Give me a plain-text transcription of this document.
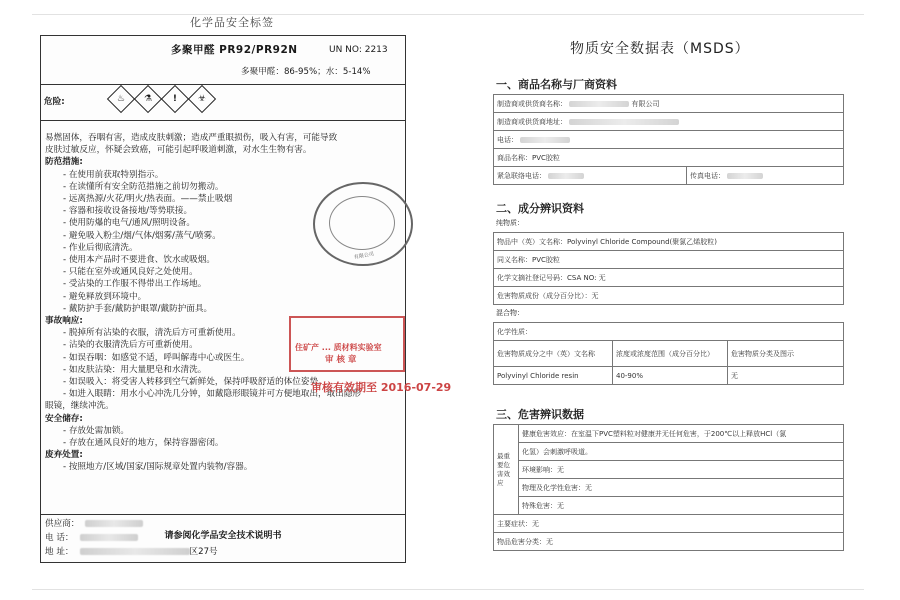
化学品安全标签
多聚甲醛 PR92/PR92N	UN NO: 2213
多聚甲醛：86-95%；水：5-14%
危险:	♨ ⚗ ! ☣
易燃固体，吞咽有害，造成皮肤刺激；造成严重眼损伤，吸入有害，可能导致
皮肤过敏反应，怀疑会致癌，可能引起呼吸道刺激，对水生生物有害。
防范措施:
- 在使用前获取特别指示。
- 在读懂所有安全防范措施之前切勿搬动。
- 远离热源/火花/明火/热表面。——禁止吸烟
- 容器和接收设备接地/等势联接。
- 使用防爆的电气/通风/照明设备。
- 避免吸入粉尘/烟/气体/烟雾/蒸气/喷雾。
- 作业后彻底清洗。
- 使用本产品时不要进食、饮水或吸烟。
- 只能在室外或通风良好之处使用。
- 受沾染的工作服不得带出工作场地。
- 避免释放到环境中。
- 戴防护手套/戴防护眼罩/戴防护面具。
事故响应:
- 脱掉所有沾染的衣服，清洗后方可重新使用。
- 沾染的衣服清洗后方可重新使用。
- 如误吞咽：如感觉不适，呼叫解毒中心或医生。
- 如皮肤沾染：用大量肥皂和水清洗。
- 如误吸入：将受害人转移到空气新鲜处，保持呼吸舒适的体位姿势。
- 如进入眼睛：用水小心冲洗几分钟，如戴隐形眼镜并可方便地取出，取出隐形
眼镜，继续冲洗。
安全储存:
- 存放处需加锁。
- 存放在通风良好的地方，保持容器密闭。
废弃处置:
- 按照地方/区域/国家/国际规章处置内装物/容器。
请参阅化学品安全技术说明书
供应商：
电 话：
地 址：	区27号
有限公司
住矿产 ... 质材料实验室
审 核 章
审核有效期至 2016-07-29
物质安全数据表（MSDS）
一、商品名称与厂商资料
制造商或供货商名称：	有限公司
制造商或供货商地址：
电话：
商品名称：PVC胶粒
紧急联络电话：	传真电话：
二、成分辨识资料
纯物质：
物品中（英）文名称：Polyvinyl Chloride Compound(聚氯乙烯胶粒)
同义名称：PVC胶粒
化学文摘社登记号码：CSA NO: 无
危害物质成份（成分百分比）：无
混合物：
化学性质：		
危害物质成分之中（英）文名称	浓度或浓度范围（成分百分比）	危害物质分类及图示
Polyvinyl Chloride resin	40-90%	无
三、危害辨识数据
最重要危害效应	健康危害效应：在室温下PVC塑料粒对健康并无任何危害，于200℃以上释放HCl（氯
化氢）会刺激呼吸道。
环境影响：无
物理及化学性危害：无
特殊危害：无
主要症状：无
物品危害分类：无
